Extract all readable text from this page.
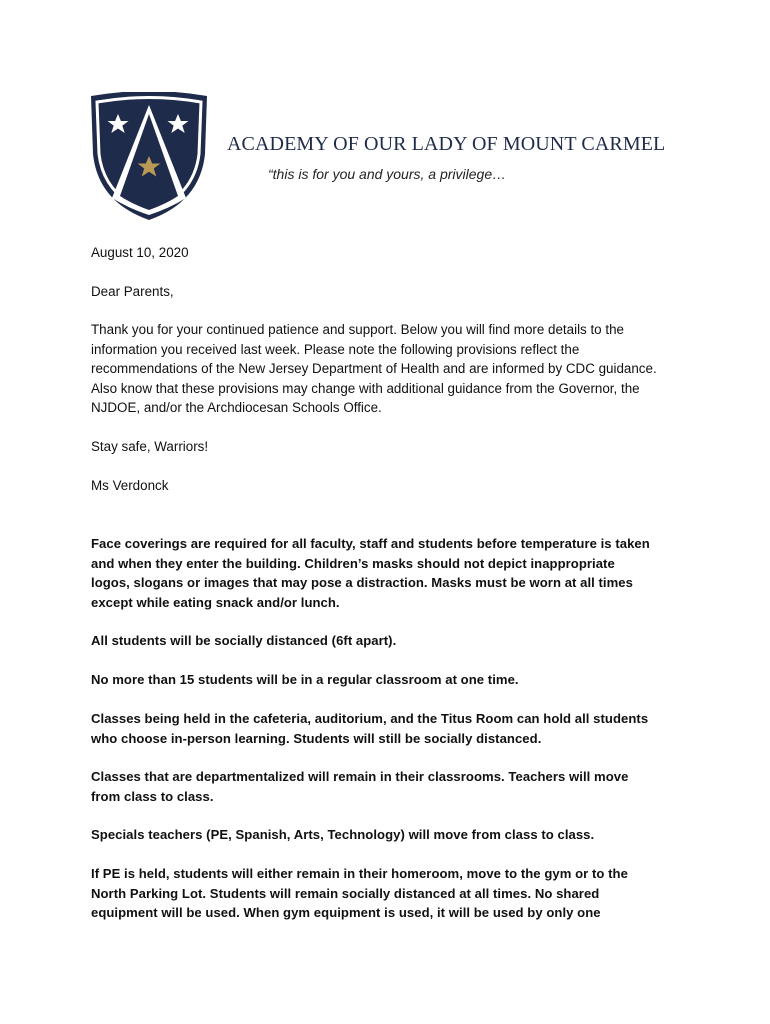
ACADEMY OF OUR LADY OF MOUNT CARMEL
“this is for you and yours, a privilege…
August 10, 2020
Dear Parents,
Thank you for your continued patience and support. Below you will find more details to the
information you received last week. Please note the following provisions reflect the
recommendations of the New Jersey Department of Health and are informed by CDC guidance.
Also know that these provisions may change with additional guidance from the Governor, the
NJDOE, and/or the Archdiocesan Schools Office.
Stay safe, Warriors!
Ms Verdonck
Face coverings are required for all faculty, staff and students before temperature is taken
and when they enter the building. Children’s masks should not depict inappropriate
logos, slogans or images that may pose a distraction. Masks must be worn at all times
except while eating snack and/or lunch.
All students will be socially distanced (6ft apart).
No more than 15 students will be in a regular classroom at one time.
Classes being held in the cafeteria, auditorium, and the Titus Room can hold all students
who choose in-person learning. Students will still be socially distanced.
Classes that are departmentalized will remain in their classrooms. Teachers will move
from class to class.
Specials teachers (PE, Spanish, Arts, Technology) will move from class to class.
If PE is held, students will either remain in their homeroom, move to the gym or to the
North Parking Lot. Students will remain socially distanced at all times. No shared
equipment will be used. When gym equipment is used, it will be used by only one
